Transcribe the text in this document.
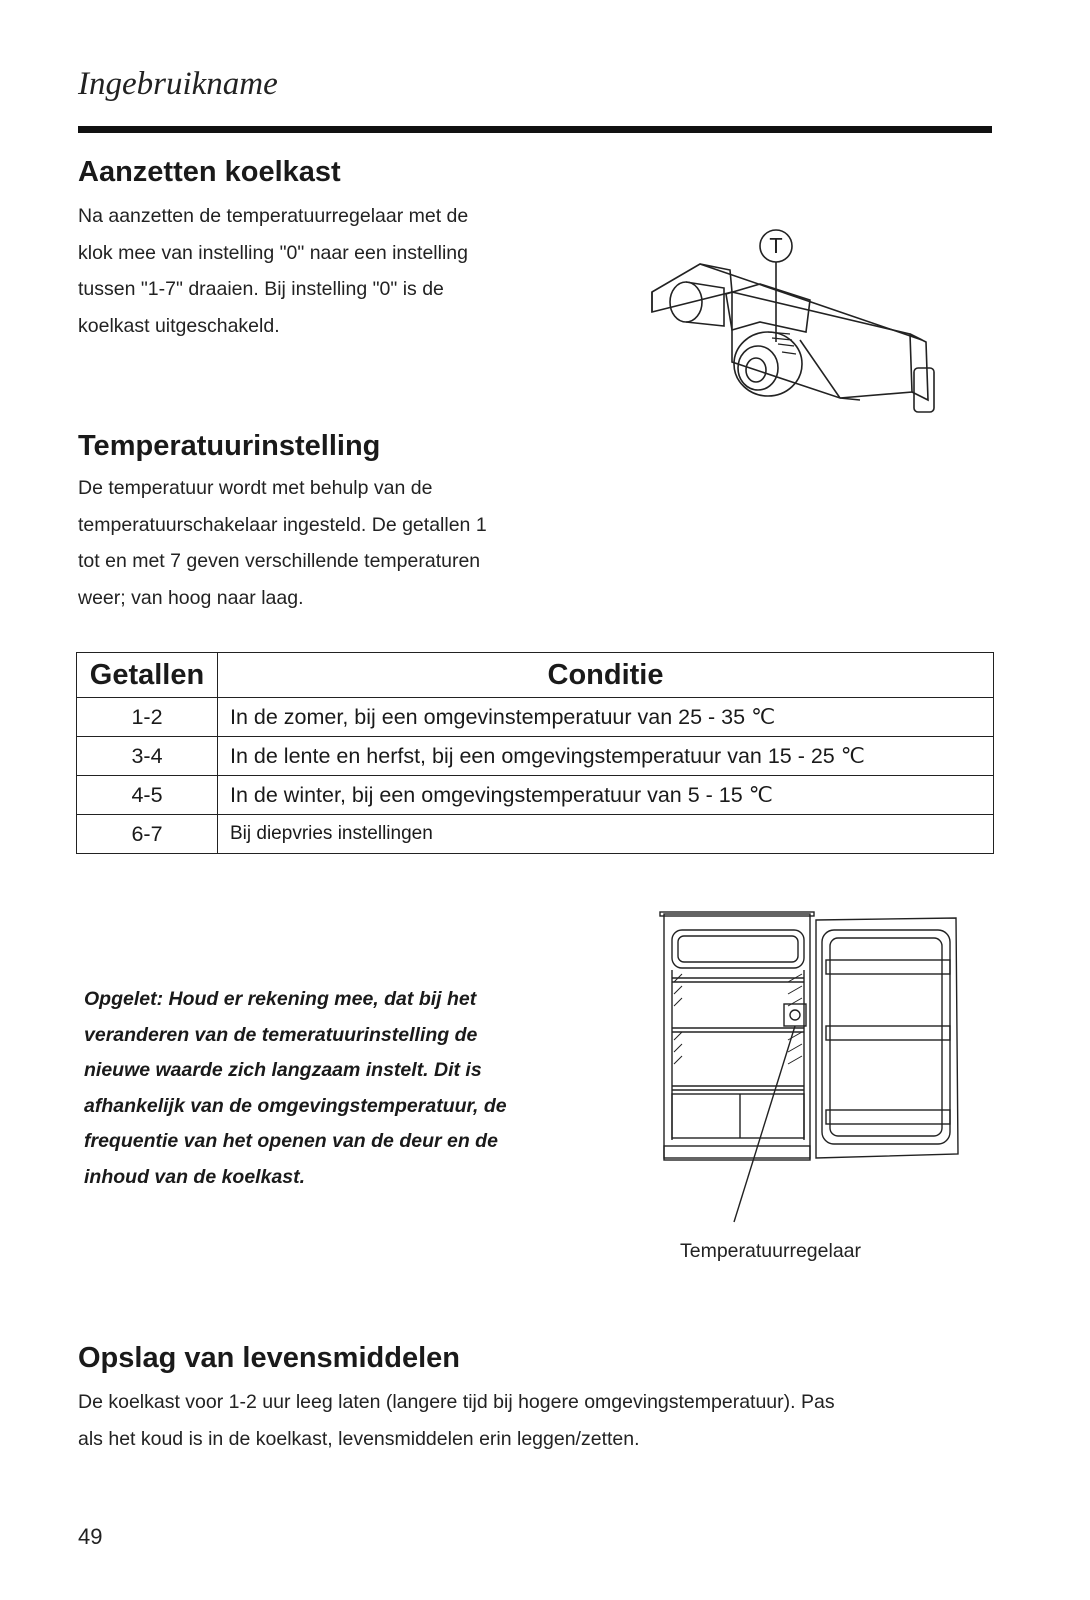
Ingebruikname
Aanzetten koelkast
Na aanzetten de temperatuurregelaar met de
klok mee van instelling "0" naar een instelling
tussen "1-7" draaien. Bij instelling "0" is de
koelkast uitgeschakeld.
T
Temperatuurinstelling
De temperatuur wordt met behulp van de
temperatuurschakelaar ingesteld. De getallen 1
tot en met 7 geven verschillende temperaturen
weer; van hoog naar laag.
Getallen	Conditie
1-2	In de zomer, bij een omgevinstemperatuur van 25 - 35 ℃
3-4	In de lente en herfst, bij een omgevingstemperatuur van 15 - 25 ℃
4-5	In de winter, bij een omgevingstemperatuur van 5 - 15 ℃
6-7	Bij diepvries instellingen
Opgelet: Houd er rekening mee, dat bij het
veranderen van de temeratuurinstelling de
nieuwe waarde zich langzaam instelt. Dit is
afhankelijk van de omgevingstemperatuur, de
frequentie van het openen van de deur en de
inhoud van de koelkast.
Temperatuurregelaar
Opslag van levensmiddelen
De koelkast voor 1-2 uur leeg laten (langere tijd bij hogere omgevingstemperatuur). Pas
als het koud is in de koelkast, levensmiddelen erin leggen/zetten.
49
